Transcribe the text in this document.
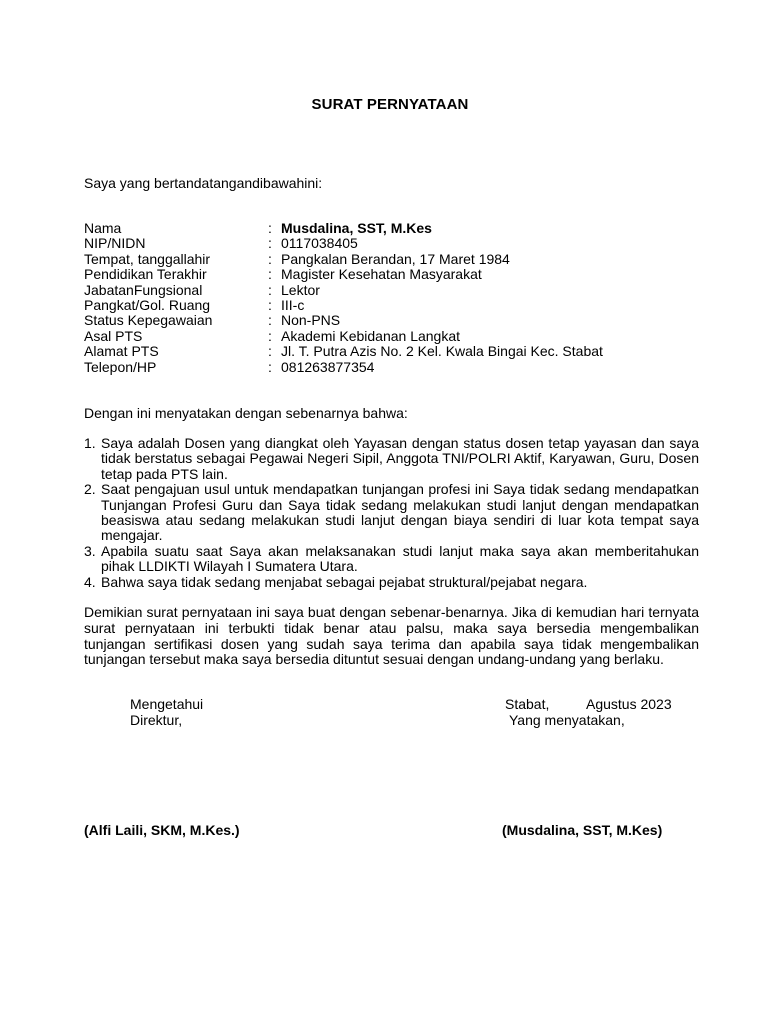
SURAT PERNYATAAN
Saya yang bertandatangandibawahini:
Nama	: Musdalina, SST, M.Kes
NIP/NIDN	: 0117038405
Tempat, tanggallahir	: Pangkalan Berandan, 17 Maret 1984
Pendidikan Terakhir	: Magister Kesehatan Masyarakat
JabatanFungsional	: Lektor
Pangkat/Gol. Ruang	: III-c
Status Kepegawaian	: Non-PNS
Asal PTS	: Akademi Kebidanan Langkat
Alamat PTS	: Jl. T. Putra Azis No. 2 Kel. Kwala Bingai Kec. Stabat
Telepon/HP	: 081263877354
Dengan ini menyatakan dengan sebenarnya bahwa:
1. Saya adalah Dosen yang diangkat oleh Yayasan dengan status dosen tetap yayasan dan saya tidak berstatus sebagai Pegawai Negeri Sipil, Anggota TNI/POLRI Aktif, Karyawan, Guru, Dosen tetap pada PTS lain.
2. Saat pengajuan usul untuk mendapatkan tunjangan profesi ini Saya tidak sedang mendapatkan Tunjangan Profesi Guru dan Saya tidak sedang melakukan studi lanjut dengan mendapatkan beasiswa atau sedang melakukan studi lanjut dengan biaya sendiri di luar kota tempat saya mengajar.
3. Apabila suatu saat Saya akan melaksanakan studi lanjut maka saya akan memberitahukan pihak LLDIKTI Wilayah I Sumatera Utara.
4. Bahwa saya tidak sedang menjabat sebagai pejabat struktural/pejabat negara.
Demikian surat pernyataan ini saya buat dengan sebenar-benarnya. Jika di kemudian hari ternyata surat pernyataan ini terbukti tidak benar atau palsu, maka saya bersedia mengembalikan tunjangan sertifikasi dosen yang sudah saya terima dan apabila saya tidak mengembalikan tunjangan tersebut maka saya bersedia dituntut sesuai dengan undang-undang yang berlaku.
Mengetahui
Direktur,
Stabat,	Agustus 2023
Yang menyatakan,
(Alfi Laili, SKM, M.Kes.)	(Musdalina, SST, M.Kes)
